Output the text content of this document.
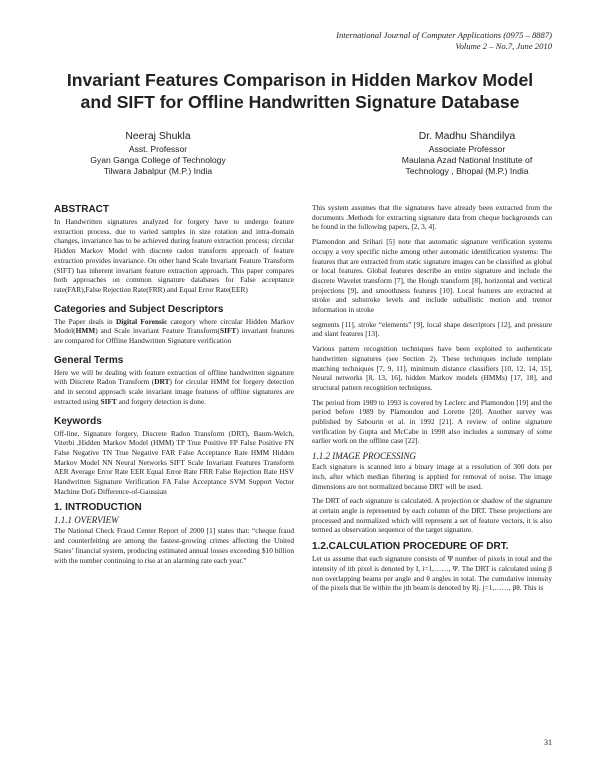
International Journal of Computer Applications (0975 – 8887)
Volume 2 – No.7, June 2010
Invariant Features Comparison in Hidden Markov Model
and SIFT for Offline Handwritten Signature Database
Neeraj Shukla
Asst. Professor
Gyan Ganga College of Technology
Tilwara Jabalpur (M.P.) India
Dr. Madhu Shandilya
Associate Professor
Maulana Azad National Institute of
Technology , Bhopal (M.P.) India
ABSTRACT

In Handwritten signatures analyzed for forgery have to undergo feature extraction process, due to varied samples in size rotation and intra-domain changes, invariance has to be achieved during feature extraction process; circular Hidden Markov Model with discrete radon transform approach of feature extraction provides invariance. On other hand Scale Invariant Feature Transform (SIFT) has inherent invariant feature extraction approach. This paper compares both approaches on common signature databases for False acceptance rate(FAR),False Rejection Rate(FRR) and Equal Error Rate(EER)

Categories and Subject Descriptors

The Paper deals in Digital Forensic category where circular Hidden Markov Model(HMM) and Scale invariant Feature Transform(SIFT) invariant features are compared for Offline Handwritten Signature verification

General Terms

Here we will be dealing with feature extraction of offline handwritten signature with Discrete Radon Transform (DRT) for circular HMM for forgery detection and in second approach scale invariant image features of offline signatures are extracted using SIFT and forgery detection is done.

Keywords

Off-line, Signature forgery, Discrete Radon Transform (DRT), Baum-Welch, Viterbi ,Hidden Markov Model (HMM) TP True Positive FP False Positive FN False Negative TN True Negative FAR False Acceptance Rate HMM Hidden Markov Model NN Neural Networks SIFT Scale Invariant Features Transform AER Average Error Rate EER Equal Error Rate FRR False Rejection Rate HSV Handwritten Signature Verification FA False Acceptance SVM Support Vector Machine DoG Difference-of-Gaussian

1. INTRODUCTION
1.1.1 OVERVIEW

The National Check Fraud Center Report of 2000 [1] states that: “cheque fraud and counterfeiting are among the fastest-growing crimes affecting the United States’ financial system, producing estimated annual losses exceeding $10 billion with the number continuing to rise at an alarming rate each year.”

This system assumes that the signatures have already been extracted from the documents .Methods for extracting signature data from cheque backgrounds can be found in the following papers, [2, 3, 4].

Plamondon and Srihari [5] note that automatic signature verification systems occupy a very specific niche among other automatic identification systems: The features that are extracted from static signature images can be classified as global or local features. Global features describe an entire signature and include the discrete Wavelet transform [7], the Hough transform [8], horizontal and vertical projections [9], and smoothness features [10]. Local features are extracted at stroke and substroke levels and include unballistic motion and tremor information in stroke

segments [11], stroke “elements” [9], local shape descriptors [12], and pressure and slant features [13].

Various pattern recognition techniques have been exploited to authenticate handwritten signatures (see Section 2). These techniques include template matching techniques [7, 9, 11], minimum distance classifiers [10, 12, 14, 15], Neural networks [8, 13, 16], hidden Markov models (HMMs) [17, 18], and structural pattern recognition techniques.

The period from 1989 to 1993 is covered by Leclerc and Plamondon [19] and the period before 1989 by Plamondon and Lorette [20]. Another survey was published by Sabourin et al. in 1992 [21]. A review of online signature verification by Gupta and McCabe in 1998 also includes a summary of some earlier work on the offline case [22].

1.1.2 IMAGE PROCESSING

Each signature is scanned into a binary image at a resolution of 300 dots per inch, after which median filtering is applied for removal of noise. The image dimensions are not normalized because DRT will be used.

The DRT of each signature is calculated. A projection or shadow of the signature at certain angle is represented by each column of the DRT. These projections are processed and normalized which will represent a set of feature vectors, it is also termed as observation sequence of the target signature.

1.2.CALCULATION PROCEDURE OF DRT.

Let us assume that each signature consists of Ψ number of pixels in total and the intensity of ith pixel is denoted by I, i=1,……, Ψ. The DRT is calculated using β non overlapping beams per angle and θ angles in total. The cumulative intensity of the pixels that lie within the jth beam is denoted by Rj. j=1,……, βθ. This is

31
